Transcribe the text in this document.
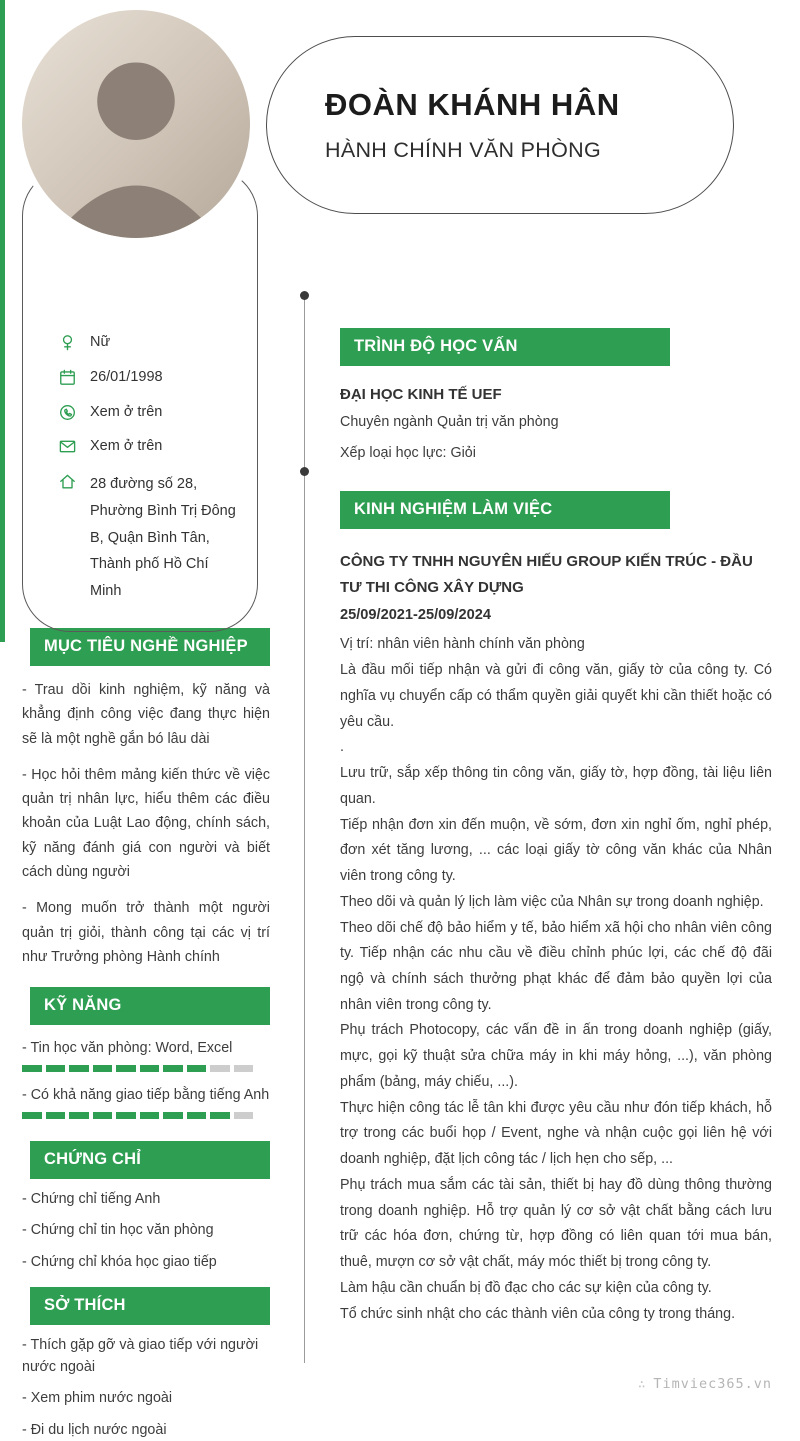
ĐOÀN KHÁNH HÂN
HÀNH CHÍNH VĂN PHÒNG
Nữ
26/01/1998
Xem ở trên
Xem ở trên
28 đường số 28, Phường Bình Trị Đông B, Quận Bình Tân, Thành phố Hồ Chí Minh
MỤC TIÊU NGHỀ NGHIỆP
- Trau dồi kinh nghiệm, kỹ năng và khẳng định công việc đang thực hiện sẽ là một nghề gắn bó lâu dài
- Học hỏi thêm mảng kiến thức về việc quản trị nhân lực, hiểu thêm các điều khoản của Luật Lao động, chính sách, kỹ năng đánh giá con người và biết cách dùng người
- Mong muốn trở thành một người quản trị giỏi, thành công tại các vị trí như Trưởng phòng Hành chính
KỸ NĂNG
- Tin học văn phòng: Word, Excel
- Có khả năng giao tiếp bằng tiếng Anh
CHỨNG CHỈ
- Chứng chỉ tiếng Anh
- Chứng chỉ tin học văn phòng
- Chứng chỉ khóa học giao tiếp
SỞ THÍCH
- Thích gặp gỡ và giao tiếp với người nước ngoài
- Xem phim nước ngoài
- Đi du lịch nước ngoài
TRÌNH ĐỘ HỌC VẤN
ĐẠI HỌC KINH TẾ UEF
Chuyên ngành Quản trị văn phòng
Xếp loại học lực: Giỏi
KINH NGHIỆM LÀM VIỆC
CÔNG TY TNHH NGUYÊN HIẾU GROUP KIẾN TRÚC - ĐẦU TƯ THI CÔNG XÂY DỰNG
25/09/2021-25/09/2024
Vị trí: nhân viên hành chính văn phòng
Là đầu mối tiếp nhận và gửi đi công văn, giấy tờ của công ty. Có nghĩa vụ chuyển cấp có thẩm quyền giải quyết khi cần thiết hoặc có yêu cầu.
.
Lưu trữ, sắp xếp thông tin công văn, giấy tờ, hợp đồng, tài liệu liên quan.
Tiếp nhận đơn xin đến muộn, về sớm, đơn xin nghỉ ốm, nghỉ phép, đơn xét tăng lương, ... các loại giấy tờ công văn khác của Nhân viên trong công ty.
Theo dõi và quản lý lịch làm việc của Nhân sự trong doanh nghiệp.
Theo dõi chế độ bảo hiểm y tế, bảo hiểm xã hội cho nhân viên công ty. Tiếp nhận các nhu cầu về điều chỉnh phúc lợi, các chế độ đãi ngộ và chính sách thưởng phạt khác để đảm bảo quyền lợi của nhân viên trong công ty.
Phụ trách Photocopy, các vấn đề in ấn trong doanh nghiệp (giấy, mực, gọi kỹ thuật sửa chữa máy in khi máy hỏng, ...), văn phòng phẩm (bảng, máy chiếu, ...).
Thực hiện công tác lễ tân khi được yêu cầu như đón tiếp khách, hỗ trợ trong các buổi họp / Event, nghe và nhận cuộc gọi liên hệ với doanh nghiệp, đặt lịch công tác / lịch hẹn cho sếp, ...
Phụ trách mua sắm các tài sản, thiết bị hay đồ dùng thông thường trong doanh nghiệp. Hỗ trợ quản lý cơ sở vật chất bằng cách lưu trữ các hóa đơn, chứng từ, hợp đồng có liên quan tới mua bán, thuê, mượn cơ sở vật chất, máy móc thiết bị trong công ty.
Làm hậu cần chuẩn bị đồ đạc cho các sự kiện của công ty.
Tổ chức sinh nhật cho các thành viên của công ty trong tháng.
∴ Timviec365.vn
